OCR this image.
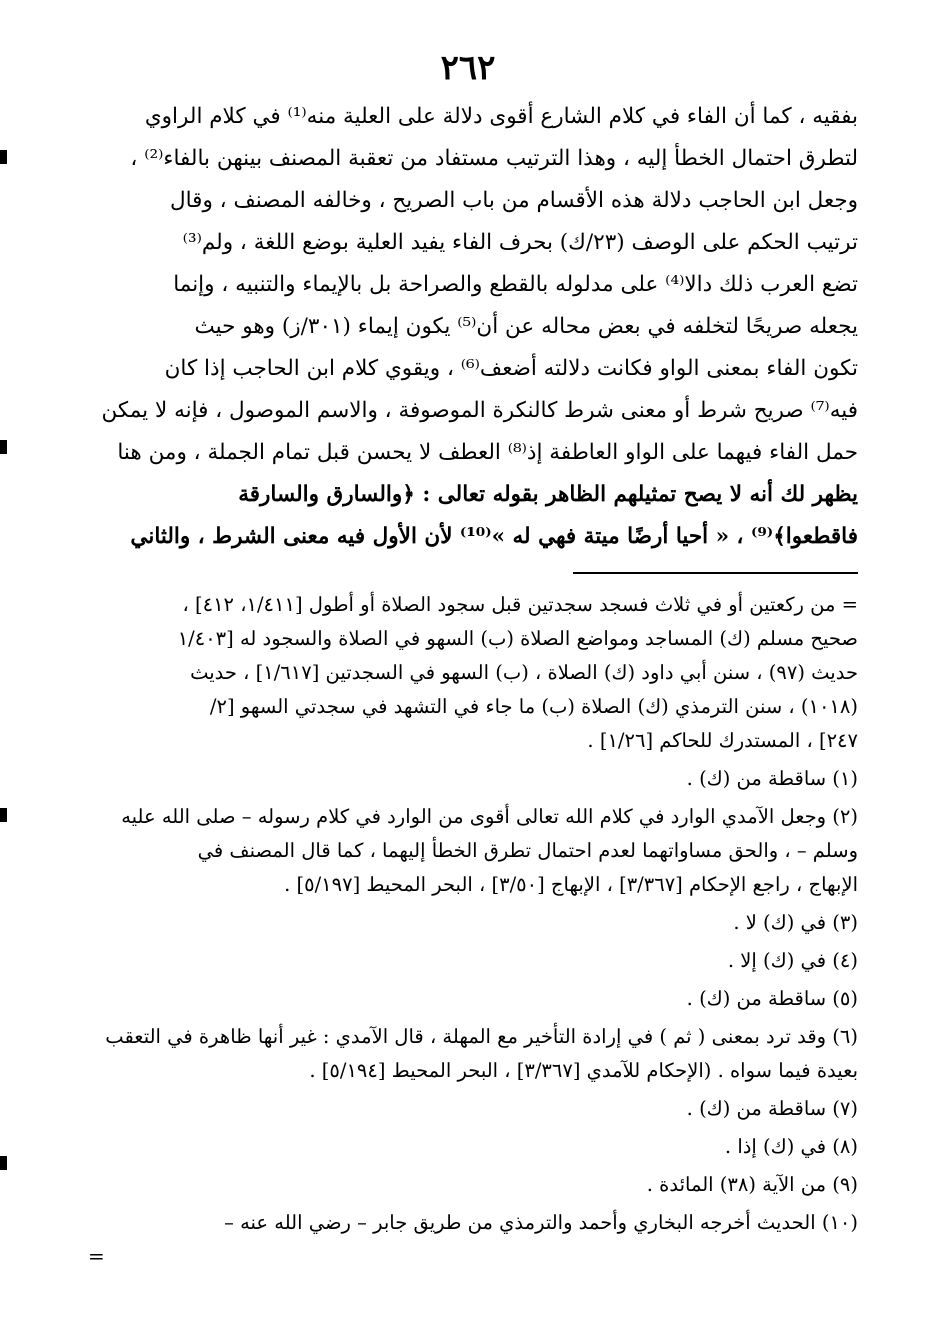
٢٦٢
بفقيه ، كما أن الفاء في كلام الشارع أقوى دلالة على العلية منه⁽¹⁾ في كلام الراوي
لتطرق احتمال الخطأ إليه ، وهذا الترتيب مستفاد من تعقبة المصنف بينهن بالفاء⁽²⁾ ،
وجعل ابن الحاجب دلالة هذه الأقسام من باب الصريح ، وخالفه المصنف ، وقال
ترتيب الحكم على الوصف (٢٣/ك) بحرف الفاء يفيد العلية بوضع اللغة ، ولم⁽³⁾
تضع العرب ذلك دالا⁽⁴⁾ على مدلوله بالقطع والصراحة بل بالإيماء والتنبيه ، وإنما
يجعله صريحًا لتخلفه في بعض محاله عن أن⁽⁵⁾ يكون إيماء (٣٠١/ز) وهو حيث
تكون الفاء بمعنى الواو فكانت دلالته أضعف⁽⁶⁾ ، ويقوي كلام ابن الحاجب إذا كان
فيه⁽⁷⁾ صريح شرط أو معنى شرط كالنكرة الموصوفة ، والاسم الموصول ، فإنه لا يمكن
حمل الفاء فيهما على الواو العاطفة إذ⁽⁸⁾ العطف لا يحسن قبل تمام الجملة ، ومن هنا
يظهر لك أنه لا يصح تمثيلهم الظاهر بقوله تعالى : ﴿والسارق والسارقة
فاقطعوا﴾⁽⁹⁾ ، « أحيا أرضًا ميتة فهي له »⁽¹⁰⁾ لأن الأول فيه معنى الشرط ، والثاني
= من ركعتين أو في ثلاث فسجد سجدتين قبل سجود الصلاة أو أطول [١/٤١١، ٤١٢] ،
صحيح مسلم (ك) المساجد ومواضع الصلاة (ب) السهو في الصلاة والسجود له [١/٤٠٣
حديث (٩٧) ، سنن أبي داود (ك) الصلاة ، (ب) السهو في السجدتين [١/٦١٧] ، حديث
(١٠١٨) ، سنن الترمذي (ك) الصلاة (ب) ما جاء في التشهد في سجدتي السهو [٢/
٢٤٧] ، المستدرك للحاكم [١/٢٦] .
(١) ساقطة من (ك) .
(٢) وجعل الآمدي الوارد في كلام الله تعالى أقوى من الوارد في كلام رسوله – صلى الله عليه
وسلم – ، والحق مساواتهما لعدم احتمال تطرق الخطأ إليهما ، كما قال المصنف في
الإبهاج ، راجع الإحكام [٣/٣٦٧] ، الإبهاج [٣/٥٠] ، البحر المحيط [٥/١٩٧] .
(٣) في (ك) لا .
(٤) في (ك) إلا .
(٥) ساقطة من (ك) .
(٦) وقد ترد بمعنى ( ثم ) في إرادة التأخير مع المهلة ، قال الآمدي : غير أنها ظاهرة في التعقب
بعيدة فيما سواه . (الإحكام للآمدي [٣/٣٦٧] ، البحر المحيط [٥/١٩٤] .
(٧) ساقطة من (ك) .
(٨) في (ك) إذا .
(٩) من الآية (٣٨) المائدة .
(١٠) الحديث أخرجه البخاري وأحمد والترمذي من طريق جابر – رضي الله عنه –
=
